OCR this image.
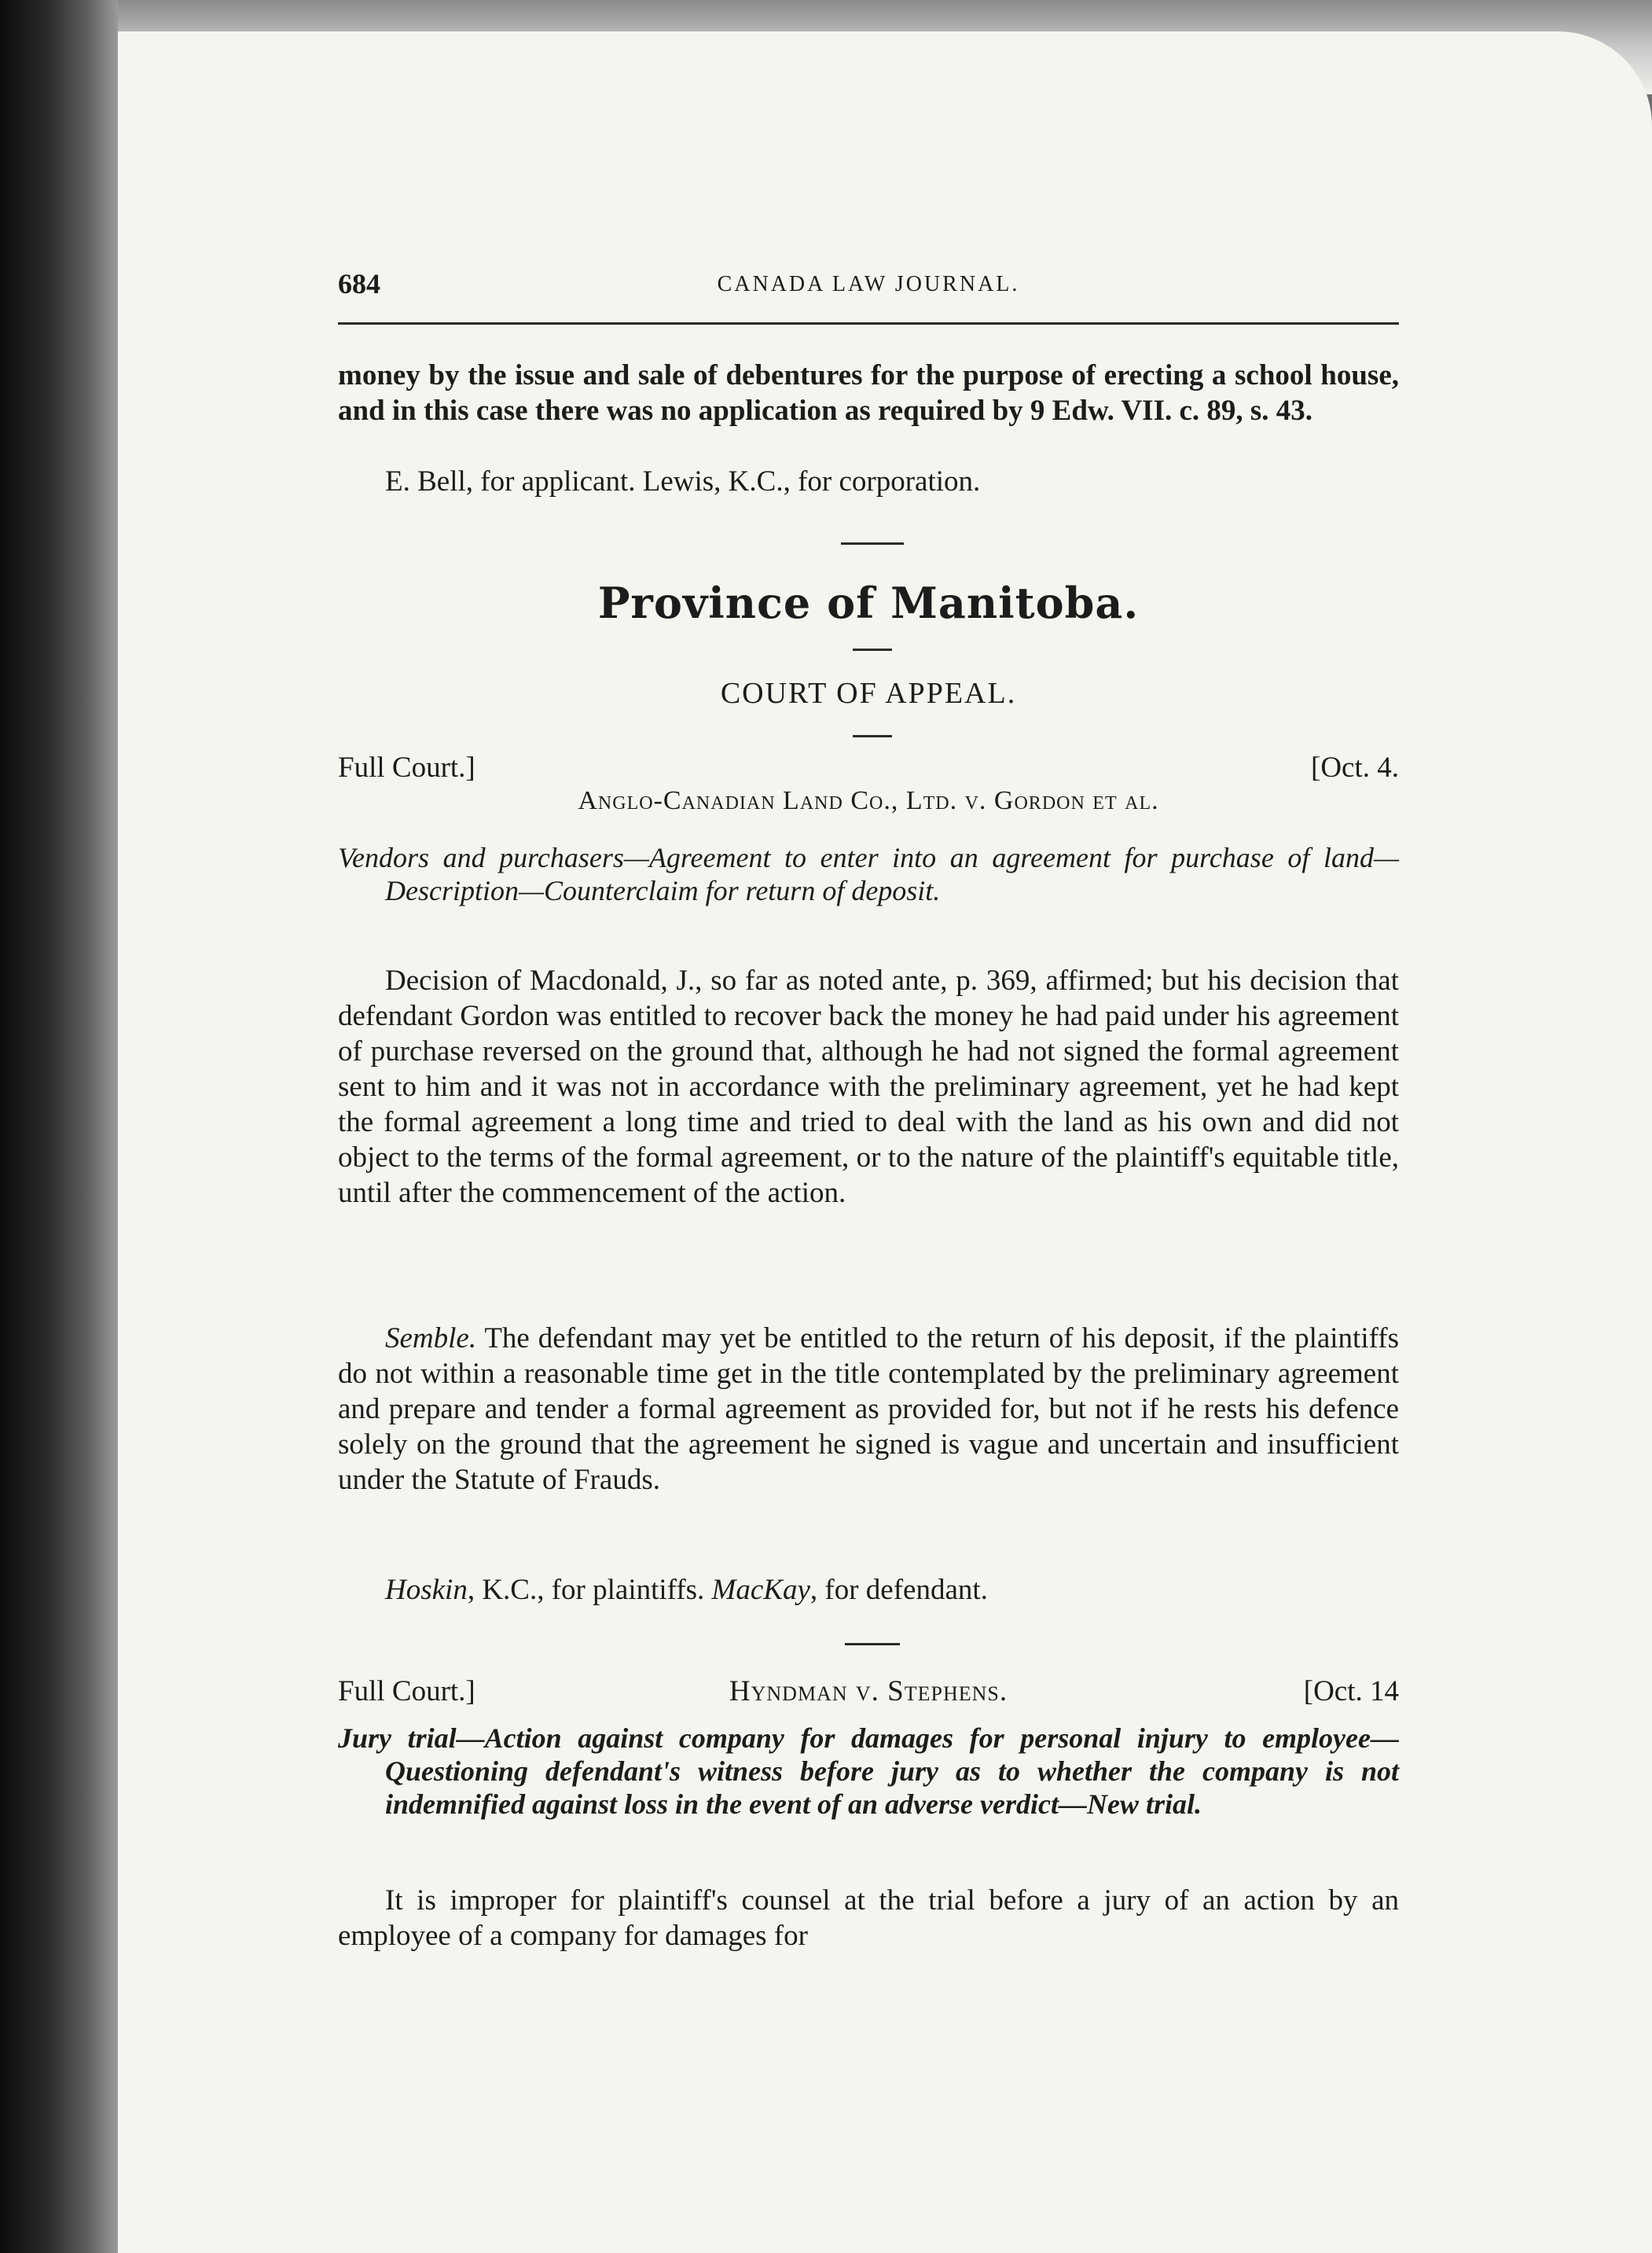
684	CANADA LAW JOURNAL.
money by the issue and sale of debentures for the purpose of erecting a school house, and in this case there was no application as required by 9 Edw. VII. c. 89, s. 43.
E. Bell, for applicant. Lewis, K.C., for corporation.
Province of Manitoba.
COURT OF APPEAL.
Full Court.]	[Oct. 4.
Anglo-Canadian Land Co., Ltd. v. Gordon et al.
Vendors and purchasers—Agreement to enter into an agreement for purchase of land—Description—Counterclaim for return of deposit.
Decision of Macdonald, J., so far as noted ante, p. 369, affirmed; but his decision that defendant Gordon was entitled to recover back the money he had paid under his agreement of purchase reversed on the ground that, although he had not signed the formal agreement sent to him and it was not in accordance with the preliminary agreement, yet he had kept the formal agreement a long time and tried to deal with the land as his own and did not object to the terms of the formal agreement, or to the nature of the plaintiff's equitable title, until after the commencement of the action.
Semble. The defendant may yet be entitled to the return of his deposit, if the plaintiffs do not within a reasonable time get in the title contemplated by the preliminary agreement and prepare and tender a formal agreement as provided for, but not if he rests his defence solely on the ground that the agreement he signed is vague and uncertain and insufficient under the Statute of Frauds.
Hoskin, K.C., for plaintiffs. MacKay, for defendant.
Full Court.]	Hyndman v. Stephens.	[Oct. 14
Jury trial—Action against company for damages for personal injury to employee—Questioning defendant's witness before jury as to whether the company is not indemnified against loss in the event of an adverse verdict—New trial.
It is improper for plaintiff's counsel at the trial before a jury of an action by an employee of a company for damages for
